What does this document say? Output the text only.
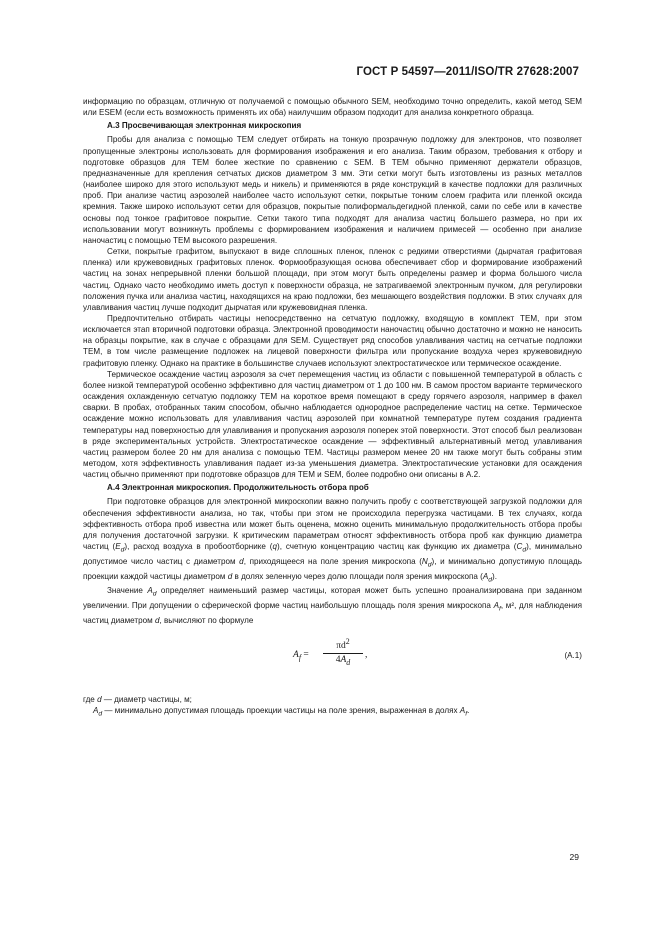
ГОСТ Р 54597—2011/ISO/TR 27628:2007

информацию по образцам, отличную от получаемой с помощью обычного SEM, необходимо точно определить, какой метод SEM или ESEM (если есть возможность применять их оба) наилучшим образом подходит для анализа конкретного образца.

А.3 Просвечивающая электронная микроскопия

Пробы для анализа с помощью ТЕМ следует отбирать на тонкую прозрачную подложку для электронов, что позволяет пропущенные электроны использовать для формирования изображения и его анализа. Таким образом, требования к отбору и подготовке образцов для ТЕМ более жесткие по сравнению с SEM. В ТЕМ обычно применяют держатели образцов, предназначенные для крепления сетчатых дисков диаметром 3 мм. Эти сетки могут быть изготовлены из разных металлов (наиболее широко для этого используют медь и никель) и применяются в ряде конструкций в качестве подложки для различных проб. При анализе частиц аэрозолей наиболее часто используют сетки, покрытые тонким слоем графита или пленкой оксида кремния. Также широко используют сетки для образцов, покрытые полиформальдегидной пленкой, сами по себе или в качестве основы под тонкое графитовое покрытие. Сетки такого типа подходят для анализа частиц большего размера, но при их использовании могут возникнуть проблемы с формированием изображения и наличием примесей — особенно при анализе наночастиц с помощью ТЕМ высокого разрешения.

Сетки, покрытые графитом, выпускают в виде сплошных пленок, пленок с редкими отверстиями (дырчатая графитовая пленка) или кружевовидных графитовых пленок. Формообразующая основа обеспечивает сбор и формирование изображений частиц на зонах непрерывной пленки большой площади, при этом могут быть определены размер и форма большого числа частиц. Однако часто необходимо иметь доступ к поверхности образца, не затрагиваемой электронным пучком, для регулировки положения пучка или анализа частиц, находящихся на краю подложки, без мешающего воздействия подложки. В этих случаях для улавливания частиц лучше подходит дырчатая или кружевовидная пленка.

Предпочтительно отбирать частицы непосредственно на сетчатую подложку, входящую в комплект ТЕМ, при этом исключается этап вторичной подготовки образца. Электронной проводимости наночастиц обычно достаточно и можно не наносить на образцы покрытие, как в случае с образцами для SEM. Существует ряд способов улавливания частиц на сетчатые подложки ТЕМ, в том числе размещение подложек на лицевой поверхности фильтра или пропускание воздуха через кружевовидную графитовую пленку. Однако на практике в большинстве случаев используют электростатическое или термическое осаждение.

Термическое осаждение частиц аэрозоля за счет перемещения частиц из области с повышенной температурой в область с более низкой температурой особенно эффективно для частиц диаметром от 1 до 100 нм. В самом простом варианте термического осаждения охлажденную сетчатую подложку ТЕМ на короткое время помещают в среду горячего аэрозоля, например в факел сварки. В пробах, отобранных таким способом, обычно наблюдается однородное распределение частиц на сетке. Термическое осаждение можно использовать для улавливания частиц аэрозолей при комнатной температуре путем создания градиента температуры над поверхностью для улавливания и пропускания аэрозоля поперек этой поверхности. Этот способ был реализован в ряде экспериментальных устройств. Электростатическое осаждение — эффективный альтернативный метод улавливания частиц размером более 20 нм для анализа с помощью ТЕМ. Частицы размером менее 20 нм также могут быть собраны этим методом, хотя эффективность улавливания падает из-за уменьшения диаметра. Электростатические установки для осаждения частиц обычно применяют при подготовке образцов для ТЕМ и SEM, более подробно они описаны в А.2.

А.4 Электронная микроскопия. Продолжительность отбора проб

При подготовке образцов для электронной микроскопии важно получить пробу с соответствующей загрузкой подложки для обеспечения эффективности анализа, но так, чтобы при этом не происходила перегрузка частицами. В тех случаях, когда эффективность отбора проб известна или может быть оценена, можно оценить минимальную продолжительность отбора пробы для получения достаточной загрузки. К критическим параметрам относят эффективность отбора проб как функцию диаметра частиц $(E_d)$, расход воздуха в пробоотборнике (q), счетную концентрацию частиц как функцию их диаметра $(C_d)$, минимально допустимое число частиц с диаметром d, приходящееся на поле зрения микроскопа $(N_d)$, и минимально допустимую площадь проекции каждой частицы диаметром d в долях зеленную через долю площади поля зрения микроскопа $(A_d)$.

Значение $A_d$ определяет наименьший размер частицы, которая может быть успешно проанализирована при заданном увеличении. При допущении о сферической форме частиц наибольшую площадь поля зрения микроскопа $A_f$, м², для наблюдения частиц диаметром d, вычисляют по формуле

$A_f = \frac{\pi d^2}{4A_d}$ ,	(А.1)

где d — диаметр частицы, м;

$A_d$ — минимально допустимая площадь проекции частицы на поле зрения, выраженная в долях $A_f$.

29
